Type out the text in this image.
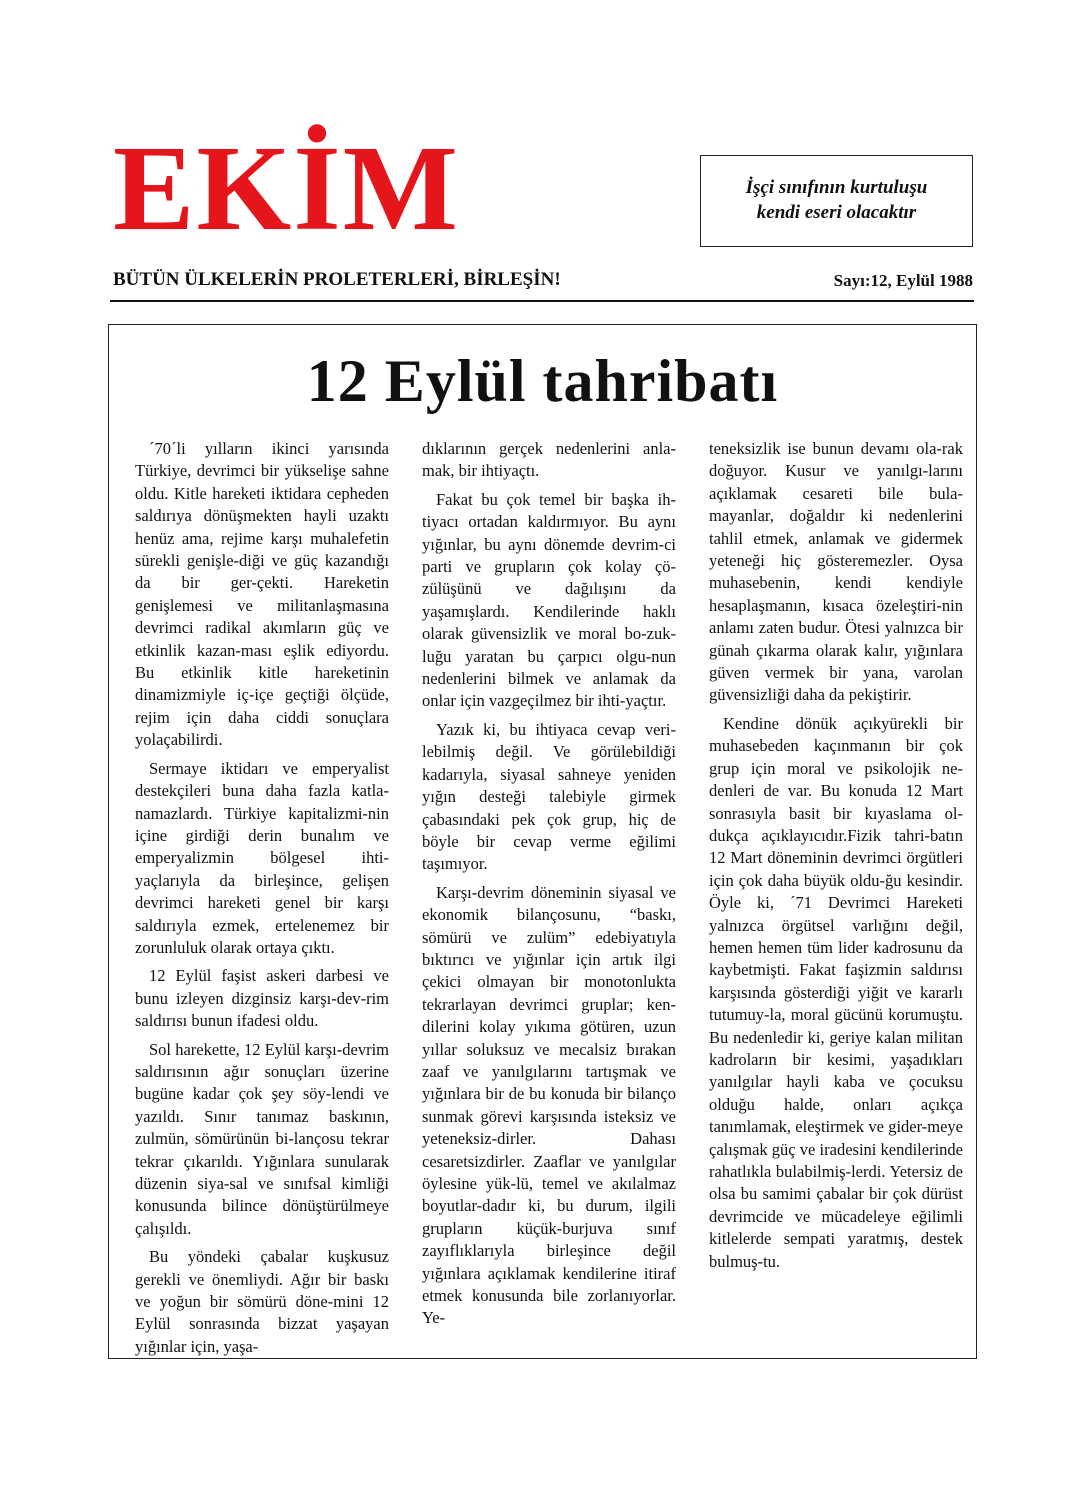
EKİM	İşçi sınıfının kurtuluşu
kendi eseri olacaktır

BÜTÜN ÜLKELERİN PROLETERLERİ, BİRLEŞİN!	Sayı:12, Eylül 1988

12 Eylül tahribatı

´70´li yılların ikinci yarısında Türkiye, devrimci bir yükselişe sahne oldu. Kitle hareketi iktidara cepheden saldırıya dönüşmekten hayli uzaktı henüz ama, rejime karşı muhalefetin sürekli genişle-diği ve güç kazandığı da bir ger-çekti. Hareketin genişlemesi ve militanlaşmasına devrimci radikal akımların güç ve etkinlik kazan-ması eşlik ediyordu. Bu etkinlik kitle hareketinin dinamizmiyle iç-içe geçtiği ölçüde, rejim için daha ciddi sonuçlara yolaçabilirdi.

Sermaye iktidarı ve emperyalist destekçileri buna daha fazla katla-namazlardı. Türkiye kapitalizmi-nin içine girdiği derin bunalım ve emperyalizmin bölgesel ihti-yaçlarıyla da birleşince, gelişen devrimci hareketi genel bir karşı saldırıyla ezmek, ertelenemez bir zorunluluk olarak ortaya çıktı.

12 Eylül faşist askeri darbesi ve bunu izleyen dizginsiz karşı-dev-rim saldırısı bunun ifadesi oldu.

Sol harekette, 12 Eylül karşı-devrim saldırısının ağır sonuçları üzerine bugüne kadar çok şey söy-lendi ve yazıldı. Sınır tanımaz baskının, zulmün, sömürünün bi-lançosu tekrar tekrar çıkarıldı. Yığınlara sunularak düzenin siya-sal ve sınıfsal kimliği konusunda bilince dönüştürülmeye çalışıldı.

Bu yöndeki çabalar kuşkusuz gerekli ve önemliydi. Ağır bir baskı ve yoğun bir sömürü döne-mini 12 Eylül sonrasında bizzat yaşayan yığınlar için, yaşa-

dıklarının gerçek nedenlerini anla-mak, bir ihtiyaçtı.

Fakat bu çok temel bir başka ih-tiyacı ortadan kaldırmıyor. Bu aynı yığınlar, bu aynı dönemde devrim-ci parti ve grupların çok kolay çö-zülüşünü ve dağılışını da yaşamışlardı. Kendilerinde haklı olarak güvensizlik ve moral bo-zuk-luğu yaratan bu çarpıcı olgu-nun nedenlerini bilmek ve anlamak da onlar için vazgeçilmez bir ihti-yaçtır.

Yazık ki, bu ihtiyaca cevap veri-lebilmiş değil. Ve görülebildiği kadarıyla, siyasal sahneye yeniden yığın desteği talebiyle girmek çabasındaki pek çok grup, hiç de böyle bir cevap verme eğilimi taşımıyor.

Karşı-devrim döneminin siyasal ve ekonomik bilançosunu, “baskı, sömürü ve zulüm” edebiyatıyla bıktırıcı ve yığınlar için artık ilgi çekici olmayan bir monotonlukta tekrarlayan devrimci gruplar; ken-dilerini kolay yıkıma götüren, uzun yıllar soluksuz ve mecalsiz bırakan zaaf ve yanılgılarını tartışmak ve yığınlara bir de bu konuda bir bilanço sunmak görevi karşısında isteksiz ve yeteneksiz-dirler. Dahası cesaretsizdirler. Zaaflar ve yanılgılar öylesine yük-lü, temel ve akılalmaz boyutlar-dadır ki, bu durum, ilgili grupların küçük-burjuva sınıf zayıflıklarıyla birleşince değil yığınlara açıklamak kendilerine itiraf etmek konusunda bile zorlanıyorlar. Ye-

teneksizlik ise bunun devamı ola-rak doğuyor. Kusur ve yanılgı-larını açıklamak cesareti bile bula-mayanlar, doğaldır ki nedenlerini tahlil etmek, anlamak ve gidermek yeteneği hiç gösteremezler. Oysa muhasebenin, kendi kendiyle hesaplaşmanın, kısaca özeleştiri-nin anlamı zaten budur. Ötesi yalnızca bir günah çıkarma olarak kalır, yığınlara güven vermek bir yana, varolan güvensizliği daha da pekiştirir.

Kendine dönük açıkyürekli bir muhasebeden kaçınmanın bir çok grup için moral ve psikolojik ne-denleri de var. Bu konuda 12 Mart sonrasıyla basit bir kıyaslama ol-dukça açıklayıcıdır.Fizik tahri-batın 12 Mart döneminin devrimci örgütleri için çok daha büyük oldu-ğu kesindir. Öyle ki, ´71 Devrimci Hareketi yalnızca örgütsel varlığını değil, hemen hemen tüm lider kadrosunu da kaybetmişti. Fakat faşizmin saldırısı karşısında gösterdiği yiğit ve kararlı tutumuy-la, moral gücünü korumuştu. Bu nedenledir ki, geriye kalan militan kadroların bir kesimi, yaşadıkları yanılgılar hayli kaba ve çocuksu olduğu halde, onları açıkça tanımlamak, eleştirmek ve gider-meye çalışmak güç ve iradesini kendilerinde rahatlıkla bulabilmiş-lerdi. Yetersiz de olsa bu samimi çabalar bir çok dürüst devrimcide ve mücadeleye eğilimli kitlelerde sempati yaratmış, destek bulmuş-tu.
